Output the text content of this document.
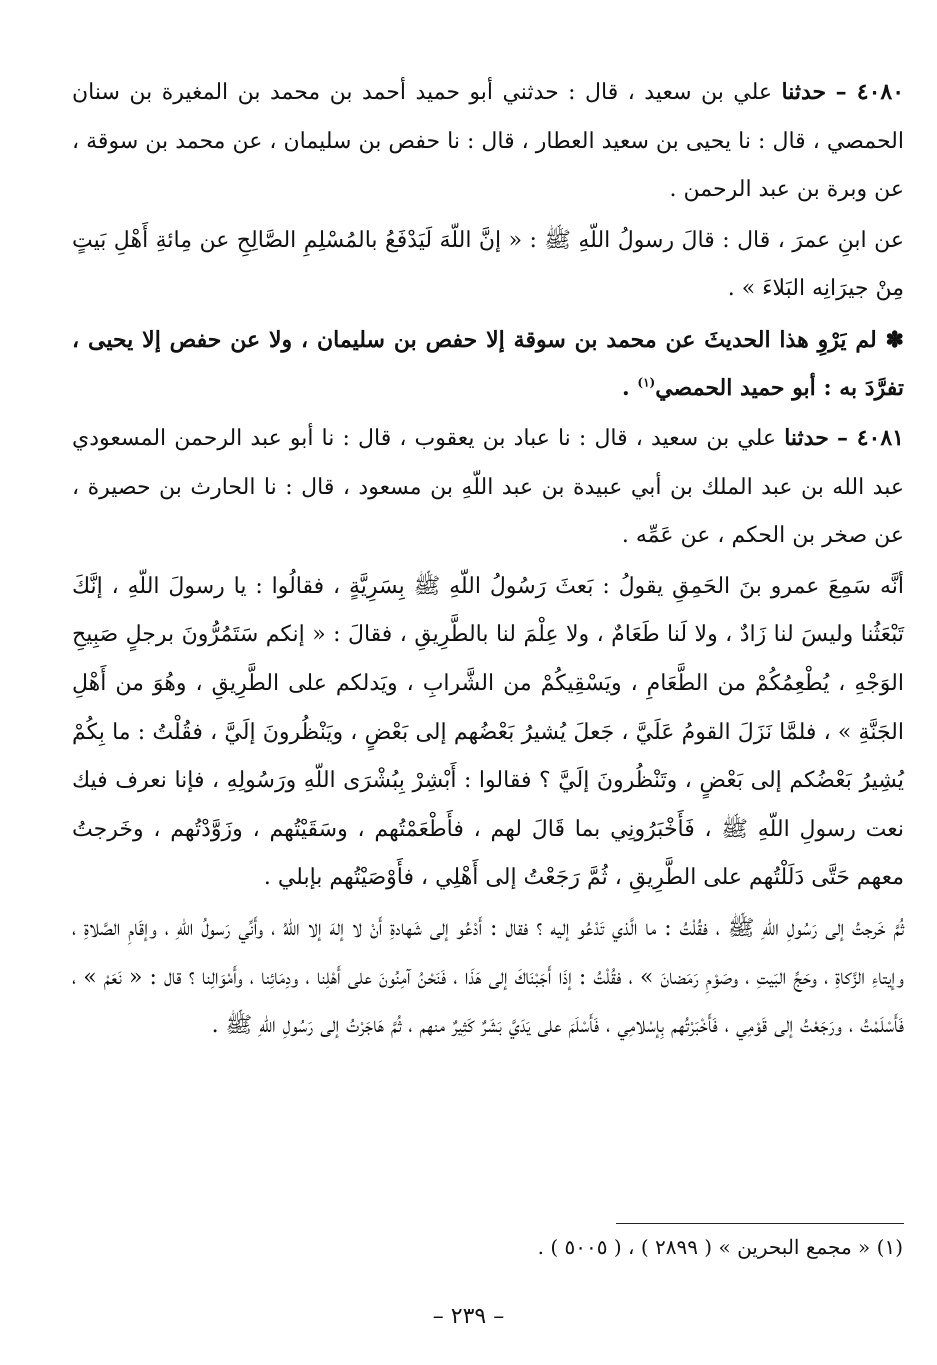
٤٠٨٠ – حدثنا علي بن سعيد ، قال : حدثني أبو حميد أحمد بن محمد بن المغيرة بن سنان الحمصي ، قال : نا يحيى بن سعيد العطار ، قال : نا حفص بن سليمان ، عن محمد بن سوقة ، عن وبرة بن عبد الرحمن .

عن ابنِ عمرَ ، قال : قالَ رسولُ اللّهِ ﷺ : « إنَّ اللّهَ لَيَدْفَعُ بالمُسْلِمِ الصَّالِحِ عن مِائةِ أَهْلِ بَيتٍ مِنْ جيرَانِه البَلاءَ » .

✽ لم يَرْوِ هذا الحديثَ عن محمد بن سوقة إلا حفص بن سليمان ، ولا عن حفص إلا يحيى ، تفرَّدَ به : أبو حميد الحمصي$^{(١)}$ .

٤٠٨١ – حدثنا علي بن سعيد ، قال : نا عباد بن يعقوب ، قال : نا أبو عبد الرحمن المسعودي عبد الله بن عبد الملك بن أبي عبيدة بن عبد اللّهِ بن مسعود ، قال : نا الحارث بن حصيرة ، عن صخر بن الحكم ، عن عَمِّه .

أنَّه سَمِعَ عمرو بنَ الحَمِقِ يقولُ : بَعثَ رَسُولُ اللّهِ ﷺ بِسَرِيَّةٍ ، فقالُوا : يا رسولَ اللّهِ ، إنَّكَ تَبْعَثُنا وليسَ لنا زَادٌ ، ولا لَنا طَعَامٌ ، ولا عِلْمَ لنا بالطَّرِيقِ ، فقالَ : « إنكم سَتَمُرُّونَ برجلٍ صَبِيحِ الوَجْهِ ، يُطْعِمُكُمْ من الطَّعَامِ ، ويَسْقِيكُمْ من الشَّرابِ ، ويَدلكم على الطَّرِيقِ ، وهُوَ من أَهْلِ الجَنَّةِ » ، فلمَّا نَزَلَ القومُ عَلَيَّ ، جَعلَ يُشيرُ بَعْضُهم إلى بَعْضٍ ، ويَنْظُرونَ إلَيَّ ، فقُلْتُ : ما بِكُمْ يُشِيرُ بَعْضُكم إلى بَعْضٍ ، وتَنْظُرونَ إلَيَّ ؟ فقالوا : أَبْشِرْ بِبُشْرَى اللّهِ ورَسُولِهِ ، فإنا نعرف فيك نعت رسولِ اللّهِ ﷺ ، فَأَخْبَرُونِي بما قَالَ لهم ، فأَطْعَمْتُهم ، وسَقَيْتُهم ، وزَوَّدْتُهم ، وخَرجتُ معهم حَتَّى دَلَلْتُهم على الطَّرِيقِ ، ثُمَّ رَجَعْتُ إلى أَهْلِي ، فأَوْصَيْتُهم بإبلي .

ثُمَّ خَرجتُ إلى رَسُولِ اللّهِ ﷺ ، فقُلْتُ : ما الَّذي تَدْعُو إليه ؟ فقال : أَدْعُو إلى شَهادةِ أَنْ لا إلهَ إلا اللّهُ ، وأَنِّي رَسولُ اللّهِ ، وإقَامِ الصَّلاةِ ، وإيتاءِ الزَّكاةِ ، وحَجِّ البَيتِ ، وصَوْمِ رَمَضانَ » ، فقُلْتُ : إذَا أَجَبْنَاكَ إلى هَذَا ، فَنَحْنُ آمِنُونَ على أَهْلِنا ، ودِمَائِنا ، وأَمْوَالِنا ؟ قال : « نَعَمْ » ، فَأَسْلَمْتُ ، ورَجَعْتُ إلى قَوْمِي ، فَأَخْبَرْتُهم بِإسْلامِي ، فَأَسْلَمَ على يَدَيَّ بَشَرٌ كَثِيرٌ منهم ، ثُمَّ هَاجَرْتُ إلى رَسُولِ اللّهِ ﷺ .

(١) « مجمع البحرين » ( ٢٨٩٩ ) ، ( ٥٠٠٥ ) .
– ٢٣٩ –
